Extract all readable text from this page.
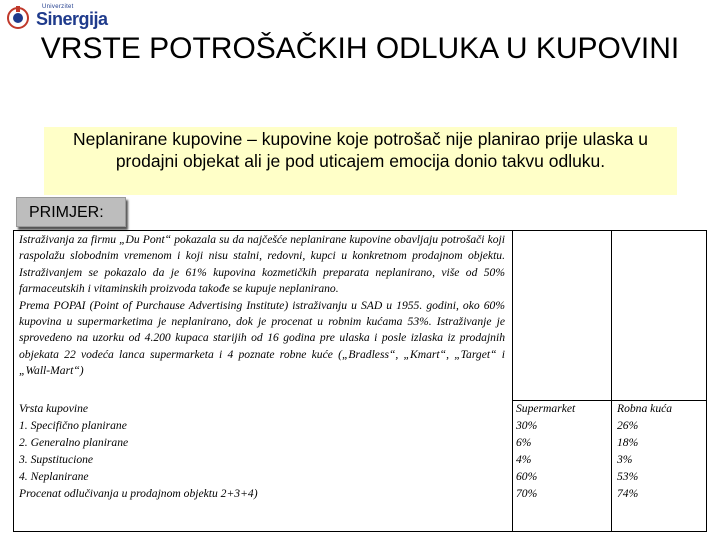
Univerzitet
Sinergija
VRSTE POTROŠAČKIH ODLUKA U KUPOVINI
Neplanirane kupovine – kupovine koje potrošač nije planirao prije ulaska u prodajni objekat ali je pod uticajem emocija donio takvu odluku.
PRIMJER:

Istraživanja za firmu „Du Pont“ pokazala su da najčešće neplanirane kupovine obavljaju potrošači koji raspolažu slobodnim vremenom i koji nisu stalni, redovni, kupci u konkretnom prodajnom objektu. Istraživanjem se pokazalo da je 61% kupovina kozmetičkih preparata neplanirano, više od 50% farmaceutskih i vitaminskih proizvoda takođe se kupuje neplanirano.

Prema POPAI (Point of Purchause Advertising Institute) istraživanju u SAD u 1955. godini, oko 60% kupovina u supermarketima je neplanirano, dok je procenat u robnim kućama 53%. Istraživanje je sprovedeno na uzorku od 4.200 kupaca starijih od 16 godina pre ulaska i posle izlaska iz prodajnih objekata 22 vodeća lanca supermarketa i 4 poznate robne kuće („Bradless“, „Kmart“, „Target“ i „Wall-Mart“)

Vrsta kupovine
1. Specifično planirane
2. Generalno planirane
3. Supstitucione
4. Neplanirane
Procenat odlučivanja u prodajnom objektu 2+3+4)
Supermarket
30%
6%
4%
60%
70%
Robna kuća
26%
18%
3%
53%
74%
